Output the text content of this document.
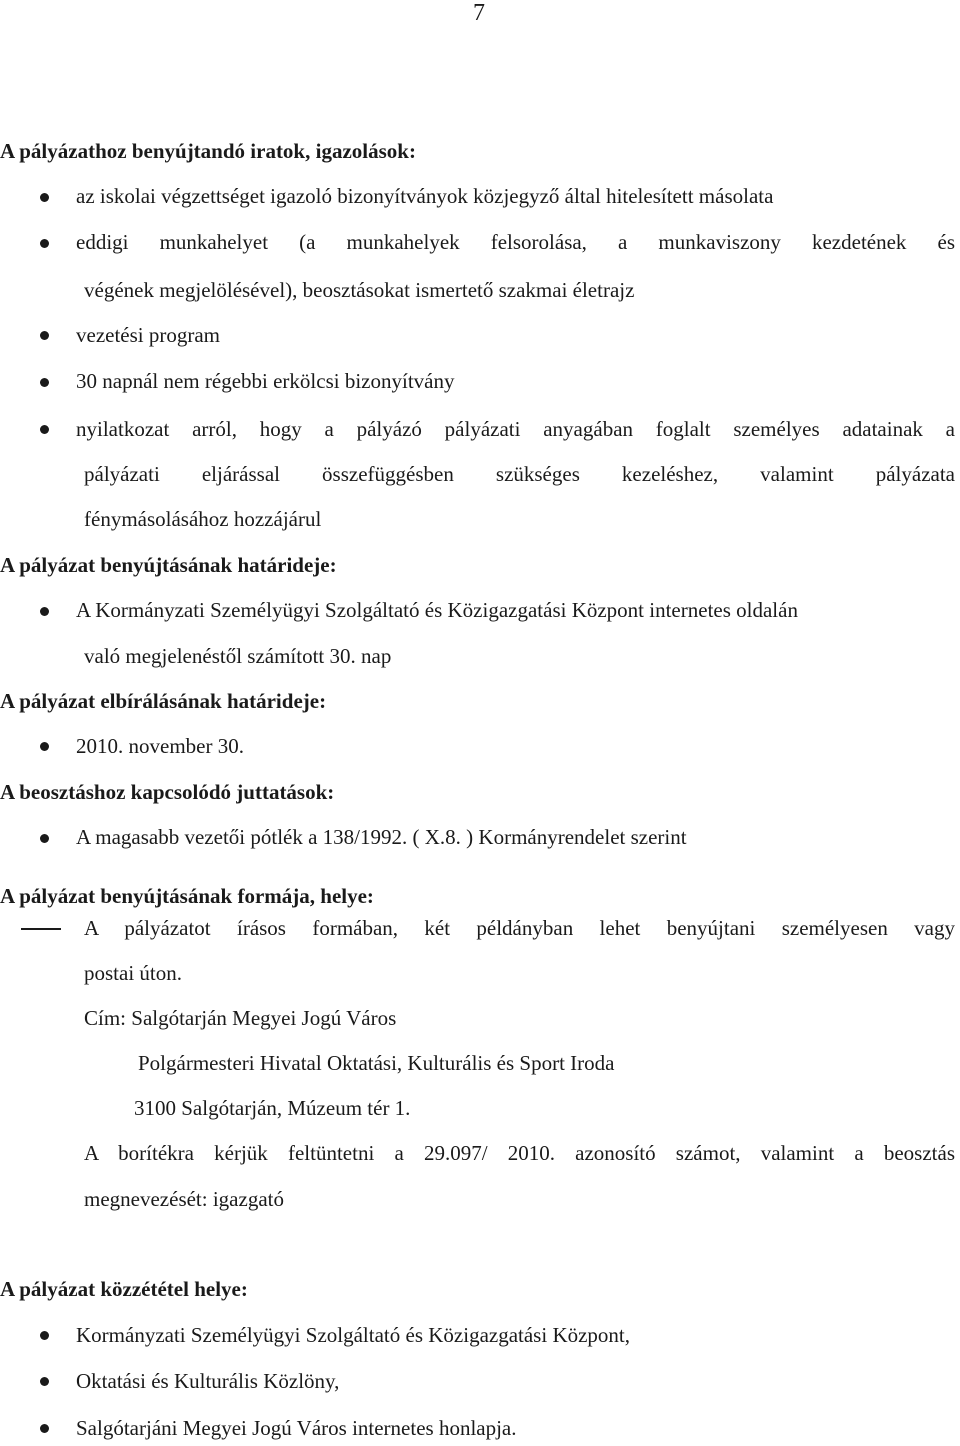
7
A pályázathoz benyújtandó iratok, igazolások:
az iskolai végzettséget igazoló bizonyítványok közjegyző által hitelesített másolata
eddigi munkahelyet (a munkahelyek felsorolása, a munkaviszony kezdetének és
végének megjelölésével), beosztásokat ismertető szakmai életrajz
vezetési program
30 napnál nem régebbi erkölcsi bizonyítvány
nyilatkozat arról, hogy a pályázó pályázati anyagában foglalt személyes adatainak a
pályázati eljárással összefüggésben szükséges kezeléshez, valamint pályázata
fénymásolásához hozzájárul
A pályázat benyújtásának határideje:
A Kormányzati Személyügyi Szolgáltató és Közigazgatási Központ internetes oldalán
való megjelenéstől számított 30. nap
A pályázat elbírálásának határideje:
2010. november 30.
A beosztáshoz kapcsolódó juttatások:
A magasabb vezetői pótlék a 138/1992. ( X.8. ) Kormányrendelet szerint
A pályázat benyújtásának formája, helye:
A pályázatot írásos formában, két példányban lehet benyújtani személyesen vagy
postai úton.
Cím: Salgótarján Megyei Jogú Város
Polgármesteri Hivatal Oktatási, Kulturális és Sport Iroda
3100 Salgótarján, Múzeum tér 1.
A borítékra kérjük feltüntetni a 29.097/ 2010. azonosító számot, valamint a beosztás
megnevezését: igazgató
A pályázat közzététel helye:
Kormányzati Személyügyi Szolgáltató és Közigazgatási Központ,
Oktatási és Kulturális Közlöny,
Salgótarjáni Megyei Jogú Város internetes honlapja.
